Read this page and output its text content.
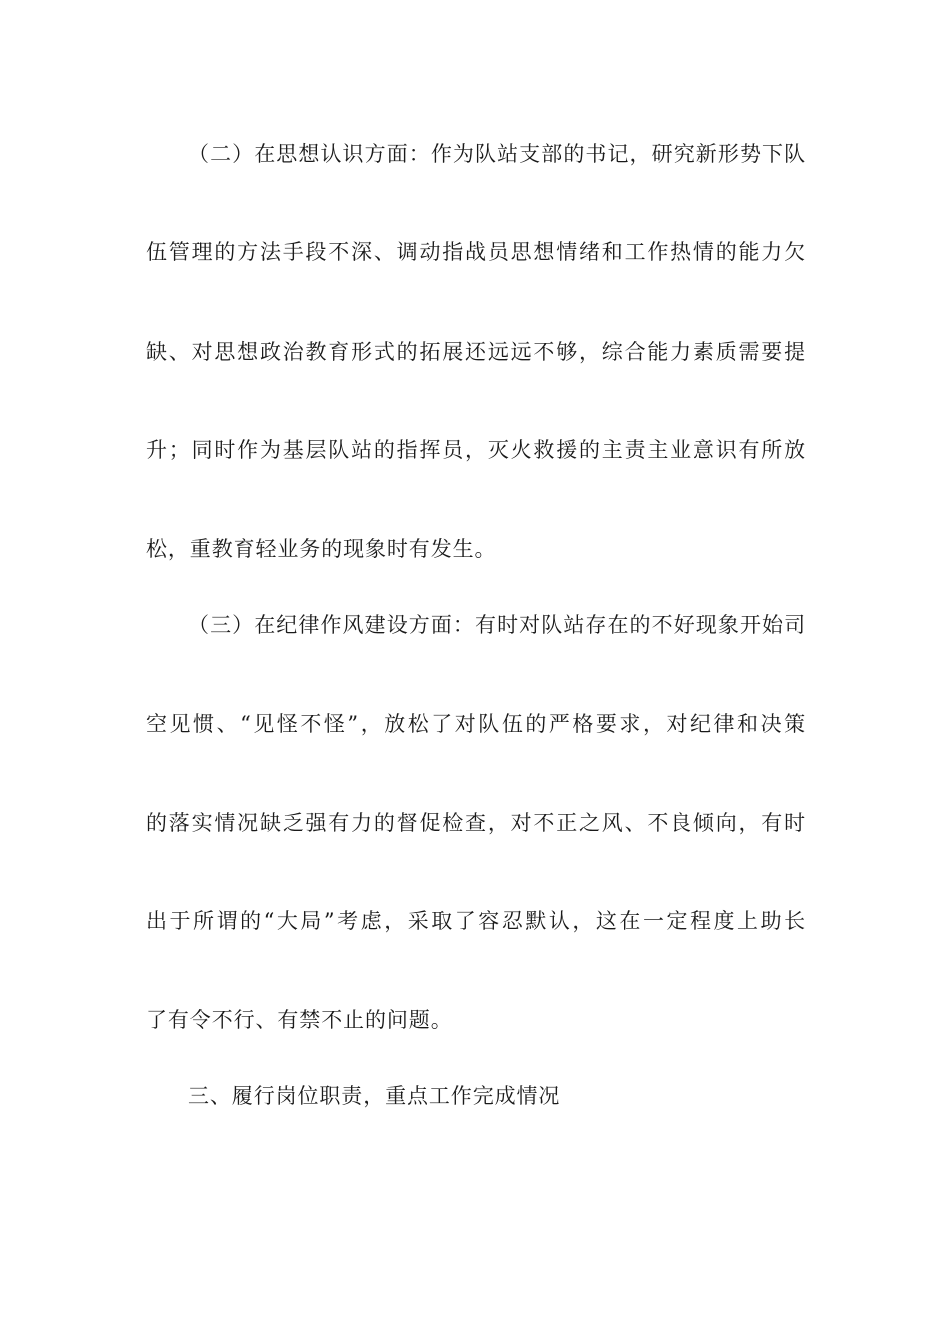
（二）在思想认识方面：作为队站支部的书记，研究新形势下队
伍管理的方法手段不深、调动指战员思想情绪和工作热情的能力欠
缺、对思想政治教育形式的拓展还远远不够，综合能力素质需要提
升；同时作为基层队站的指挥员，灭火救援的主责主业意识有所放
松，重教育轻业务的现象时有发生。
（三）在纪律作风建设方面：有时对队站存在的不好现象开始司
空见惯、“见怪不怪”，放松了对队伍的严格要求，对纪律和决策
的落实情况缺乏强有力的督促检查，对不正之风、不良倾向，有时
出于所谓的“大局”考虑，采取了容忍默认，这在一定程度上助长
了有令不行、有禁不止的问题。
三、履行岗位职责，重点工作完成情况
